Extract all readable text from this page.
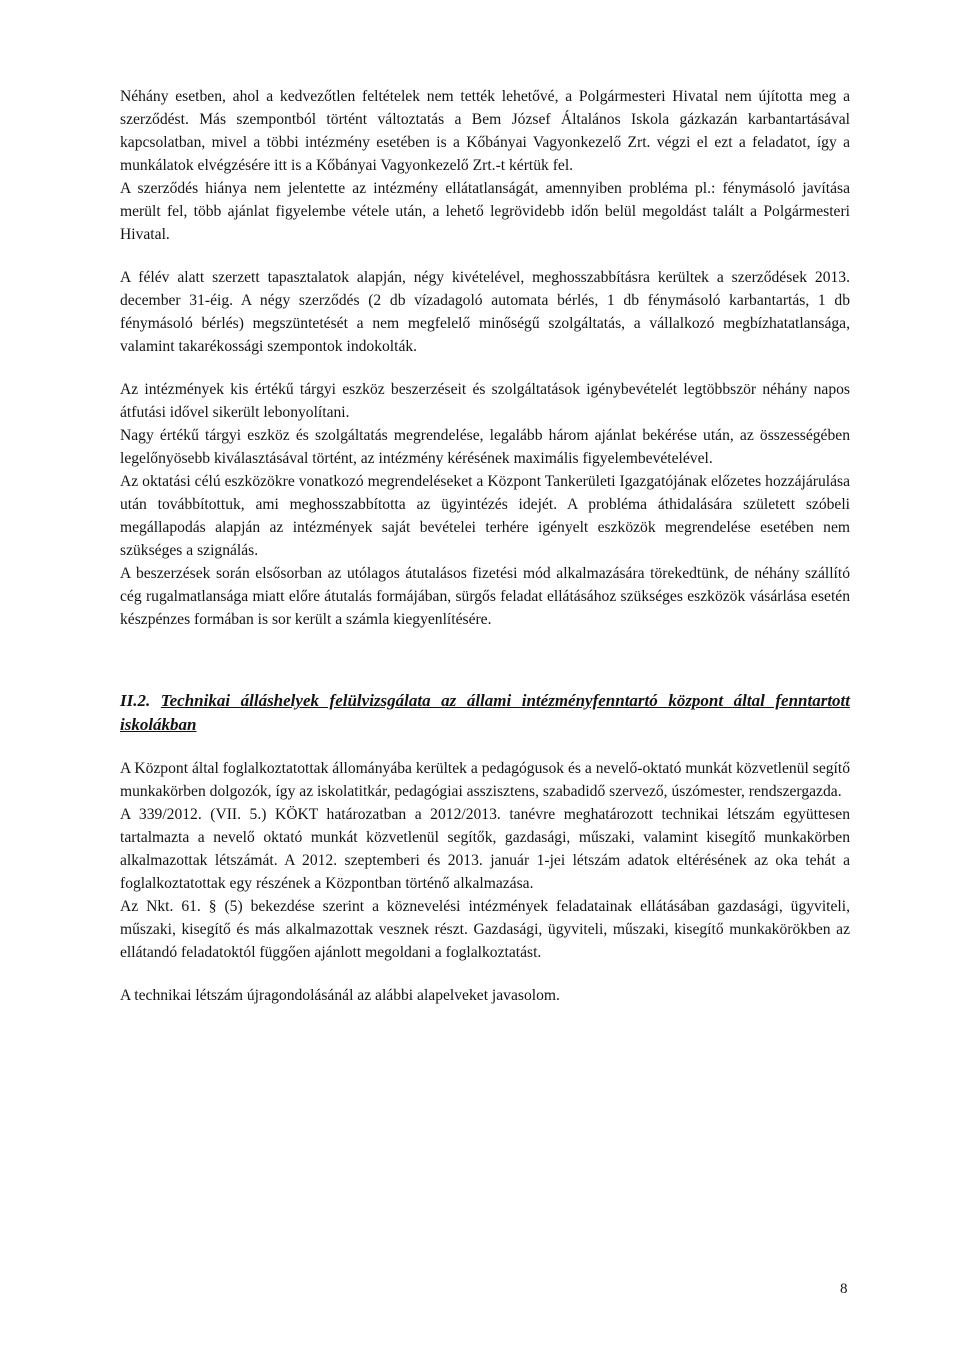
Néhány esetben, ahol a kedvezőtlen feltételek nem tették lehetővé, a Polgármesteri Hivatal nem újította meg a szerződést. Más szempontból történt változtatás a Bem József Általános Iskola gázkazán karbantartásával kapcsolatban, mivel a többi intézmény esetében is a Kőbányai Vagyonkezelő Zrt. végzi el ezt a feladatot, így a munkálatok elvégzésére itt is a Kőbányai Vagyonkezelő Zrt.-t kértük fel.

A szerződés hiánya nem jelentette az intézmény ellátatlanságát, amennyiben probléma pl.: fénymásoló javítása merült fel, több ajánlat figyelembe vétele után, a lehető legrövidebb időn belül megoldást talált a Polgármesteri Hivatal.

A félév alatt szerzett tapasztalatok alapján, négy kivételével, meghosszabbításra kerültek a szerződések 2013. december 31-éig. A négy szerződés (2 db vízadagoló automata bérlés, 1 db fénymásoló karbantartás, 1 db fénymásoló bérlés) megszüntetését a nem megfelelő minőségű szolgáltatás, a vállalkozó megbízhatatlansága, valamint takarékossági szempontok indokolták.

Az intézmények kis értékű tárgyi eszköz beszerzéseit és szolgáltatások igénybevételét legtöbbször néhány napos átfutási idővel sikerült lebonyolítani.

Nagy értékű tárgyi eszköz és szolgáltatás megrendelése, legalább három ajánlat bekérése után, az összességében legelőnyösebb kiválasztásával történt, az intézmény kérésének maximális figyelembevételével.

Az oktatási célú eszközökre vonatkozó megrendeléseket a Központ Tankerületi Igazgatójának előzetes hozzájárulása után továbbítottuk, ami meghosszabbította az ügyintézés idejét. A probléma áthidalására született szóbeli megállapodás alapján az intézmények saját bevételei terhére igényelt eszközök megrendelése esetében nem szükséges a szignálás.

A beszerzések során elsősorban az utólagos átutalásos fizetési mód alkalmazására törekedtünk, de néhány szállító cég rugalmatlansága miatt előre átutalás formájában, sürgős feladat ellátásához szükséges eszközök vásárlása esetén készpénzes formában is sor került a számla kiegyenlítésére.

II.2. Technikai álláshelyek felülvizsgálata az állami intézményfenntartó központ által fenntartott iskolákban

A Központ által foglalkoztatottak állományába kerültek a pedagógusok és a nevelő-oktató munkát közvetlenül segítő munkakörben dolgozók, így az iskolatitkár, pedagógiai asszisztens, szabadidő szervező, úszómester, rendszergazda.

A 339/2012. (VII. 5.) KÖKT határozatban a 2012/2013. tanévre meghatározott technikai létszám együttesen tartalmazta a nevelő oktató munkát közvetlenül segítők, gazdasági, műszaki, valamint kisegítő munkakörben alkalmazottak létszámát. A 2012. szeptemberi és 2013. január 1-jei létszám adatok eltérésének az oka tehát a foglalkoztatottak egy részének a Központban történő alkalmazása.

Az Nkt. 61. § (5) bekezdése szerint a köznevelési intézmények feladatainak ellátásában gazdasági, ügyviteli, műszaki, kisegítő és más alkalmazottak vesznek részt. Gazdasági, ügyviteli, műszaki, kisegítő munkakörökben az ellátandó feladatoktól függően ajánlott megoldani a foglalkoztatást.

A technikai létszám újragondolásánál az alábbi alapelveket javasolom.

8
